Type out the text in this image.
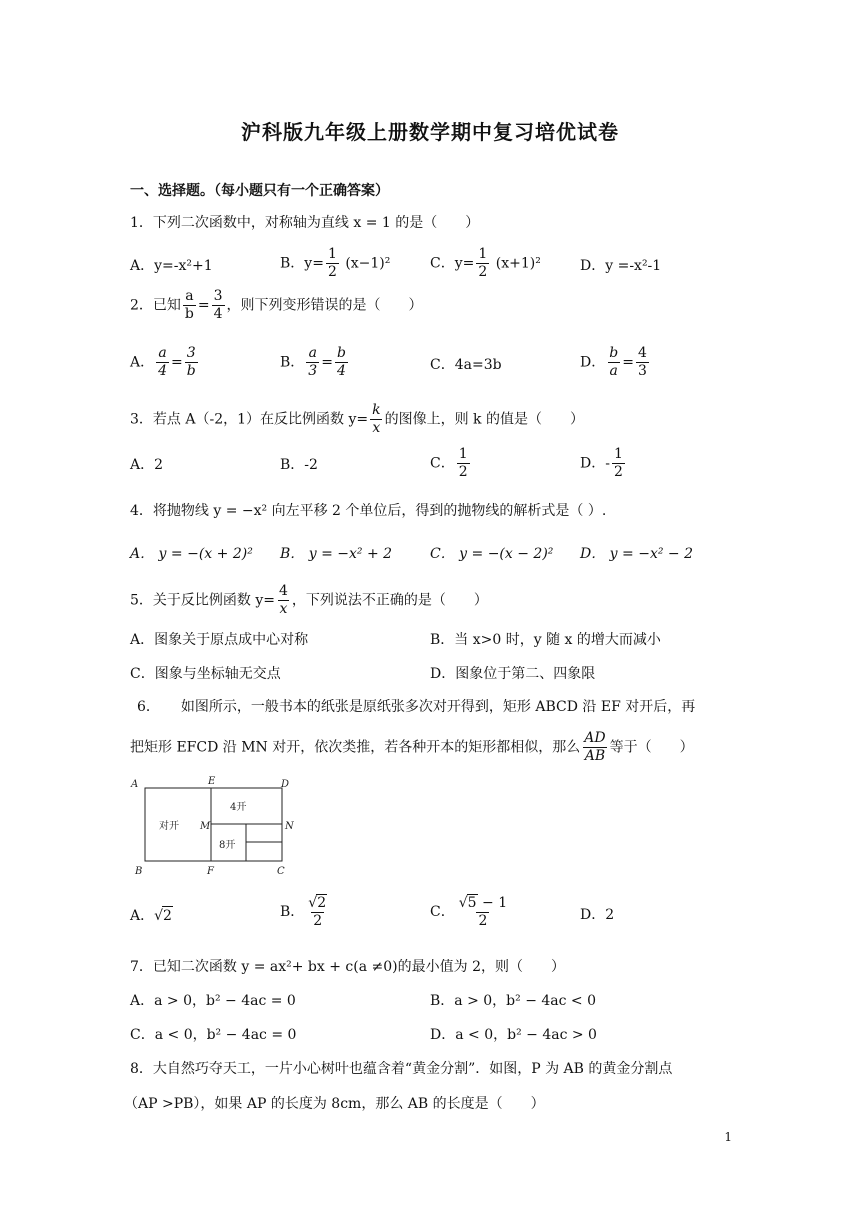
沪科版九年级上册数学期中复习培优试卷
一、选择题。（每小题只有一个正确答案）
1．下列二次函数中，对称轴为直线 x = 1 的是（　　）
A．y=-x²+1	B．$y= \frac{1}{2} (x-1)^2$	C．$y= \frac{1}{2} (x+1)^2$	D．y =-x²-1
2．已知 $\frac{a}{b} = \frac{3}{4}$ ，则下列变形错误的是（　　）
A． $\frac{a}{4} = \frac{3}{b}$	B． $\frac{a}{3} = \frac{b}{4}$	C．4a=3b	D． $\frac{b}{a} = \frac{4}{3}$
3．若点 A（-2，1）在反比例函数 $y= \frac{k}{x}$ 的图像上，则 k 的值是（　　）
A．2	B．-2	C． $\frac{1}{2}$	D．- $\frac{1}{2}$
4．将抛物线 y = −x² 向左平移 2 个单位后，得到的抛物线的解析式是（ ）.
A． y = −(x + 2)² B． y = −x² + 2	C． y = −(x − 2)² D． y = −x² − 2
5．关于反比例函数 $y= \frac{4}{x}$ ，下列说法不正确的是（　　）
A．图象关于原点成中心对称	B．当 x>0 时，y 随 x 的增大而减小
C．图象与坐标轴无交点	D．图象位于第二、四象限
6．　　如图所示，一般书本的纸张是原纸张多次对开得到，矩形 ABCD 沿 EF 对开后，再
把矩形 EFCD 沿 MN 对开，依次类推，若各种开本的矩形都相似，那么 $\frac{AD}{AB}$ 等于（　　）
A	E	D
M	N
B	F	C
对开
4开
8开
A．√ 2	B． $\frac{√ 2}{2}$	C． $\frac{√ 5 - 1}{2}$	D．2
7．已知二次函数 y = ax²+ bx + c(a ≠0)的最小值为 2，则（　　）
A．a > 0，b² − 4ac = 0	B．a > 0，b² − 4ac < 0
C．a < 0，b² − 4ac = 0	D．a < 0，b² − 4ac > 0
8．大自然巧夺天工，一片小心树叶也蕴含着“黄金分割”．如图，P 为 AB 的黄金分割点
（AP >PB），如果 AP 的长度为 8cm，那么 AB 的长度是（　　）
1
